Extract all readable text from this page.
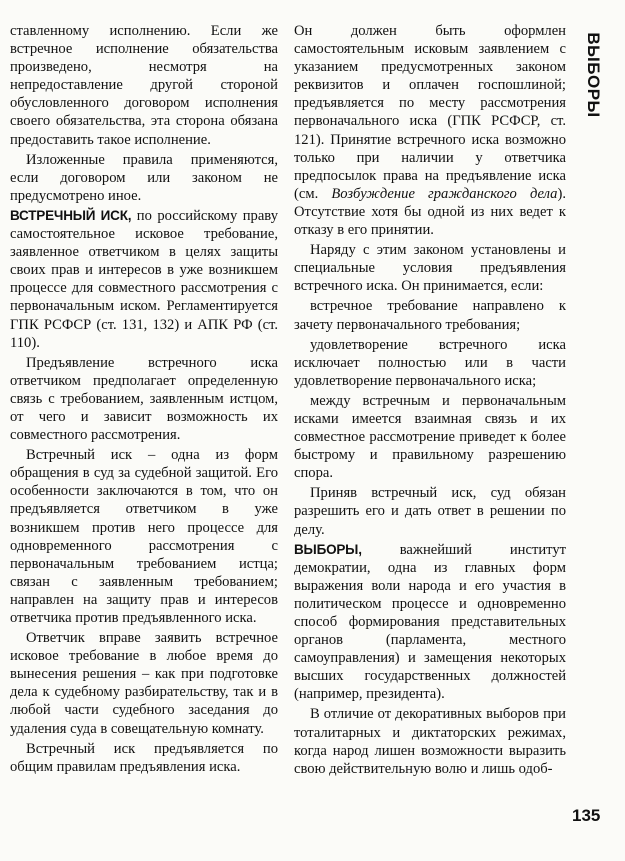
ставленному исполнению. Если же встречное исполнение обязательства произведено, несмотря на непредоставление другой стороной обусловленного договором исполнения своего обязательства, эта сторона обязана предоставить такое исполнение.

Изложенные правила применяются, если договором или законом не предусмотрено иное.

ВСТРЕЧНЫЙ ИСК, по российскому праву самостоятельное исковое требование, заявленное ответчиком в целях защиты своих прав и интересов в уже возникшем процессе для совместного рассмотрения с первоначальным иском. Регламентируется ГПК РСФСР (ст. 131, 132) и АПК РФ (ст. 110).

Предъявление встречного иска ответчиком предполагает определенную связь с требованием, заявленным истцом, от чего и зависит возможность их совместного рассмотрения.

Встречный иск – одна из форм обращения в суд за судебной защитой. Его особенности заключаются в том, что он предъявляется ответчиком в уже возникшем против него процессе для одновременного рассмотрения с первоначальным требованием истца; связан с заявленным требованием; направлен на защиту прав и интересов ответчика против предъявленного иска.

Ответчик вправе заявить встречное исковое требование в любое время до вынесения решения – как при подготовке дела к судебному разбирательству, так и в любой части судебного заседания до удаления суда в совещательную комнату.

Встречный иск предъявляется по общим правилам предъявления иска.

Он должен быть оформлен самостоятельным исковым заявлением с указанием предусмотренных законом реквизитов и оплачен госпошлиной; предъявляется по месту рассмотрения первоначального иска (ГПК РСФСР, ст. 121). Принятие встречного иска возможно только при наличии у ответчика предпосылок права на предъявление иска (см. Возбуждение гражданского дела). Отсутствие хотя бы одной из них ведет к отказу в его принятии.

Наряду с этим законом установлены и специальные условия предъявления встречного иска. Он принимается, если:

встречное требование направлено к зачету первоначального требования;

удовлетворение встречного иска исключает полностью или в части удовлетворение первоначального иска;

между встречным и первоначальным исками имеется взаимная связь и их совместное рассмотрение приведет к более быстрому и правильному разрешению спора.

Приняв встречный иск, суд обязан разрешить его и дать ответ в решении по делу.

ВЫБОРЫ, важнейший институт демократии, одна из главных форм выражения воли народа и его участия в политическом процессе и одновременно способ формирования представительных органов (парламента, местного самоуправления) и замещения некоторых высших государственных должностей (например, президента).

В отличие от декоративных выборов при тоталитарных и диктаторских режимах, когда народ лишен возможности выразить свою действительную волю и лишь одоб-

ВЫБОРЫ
135
